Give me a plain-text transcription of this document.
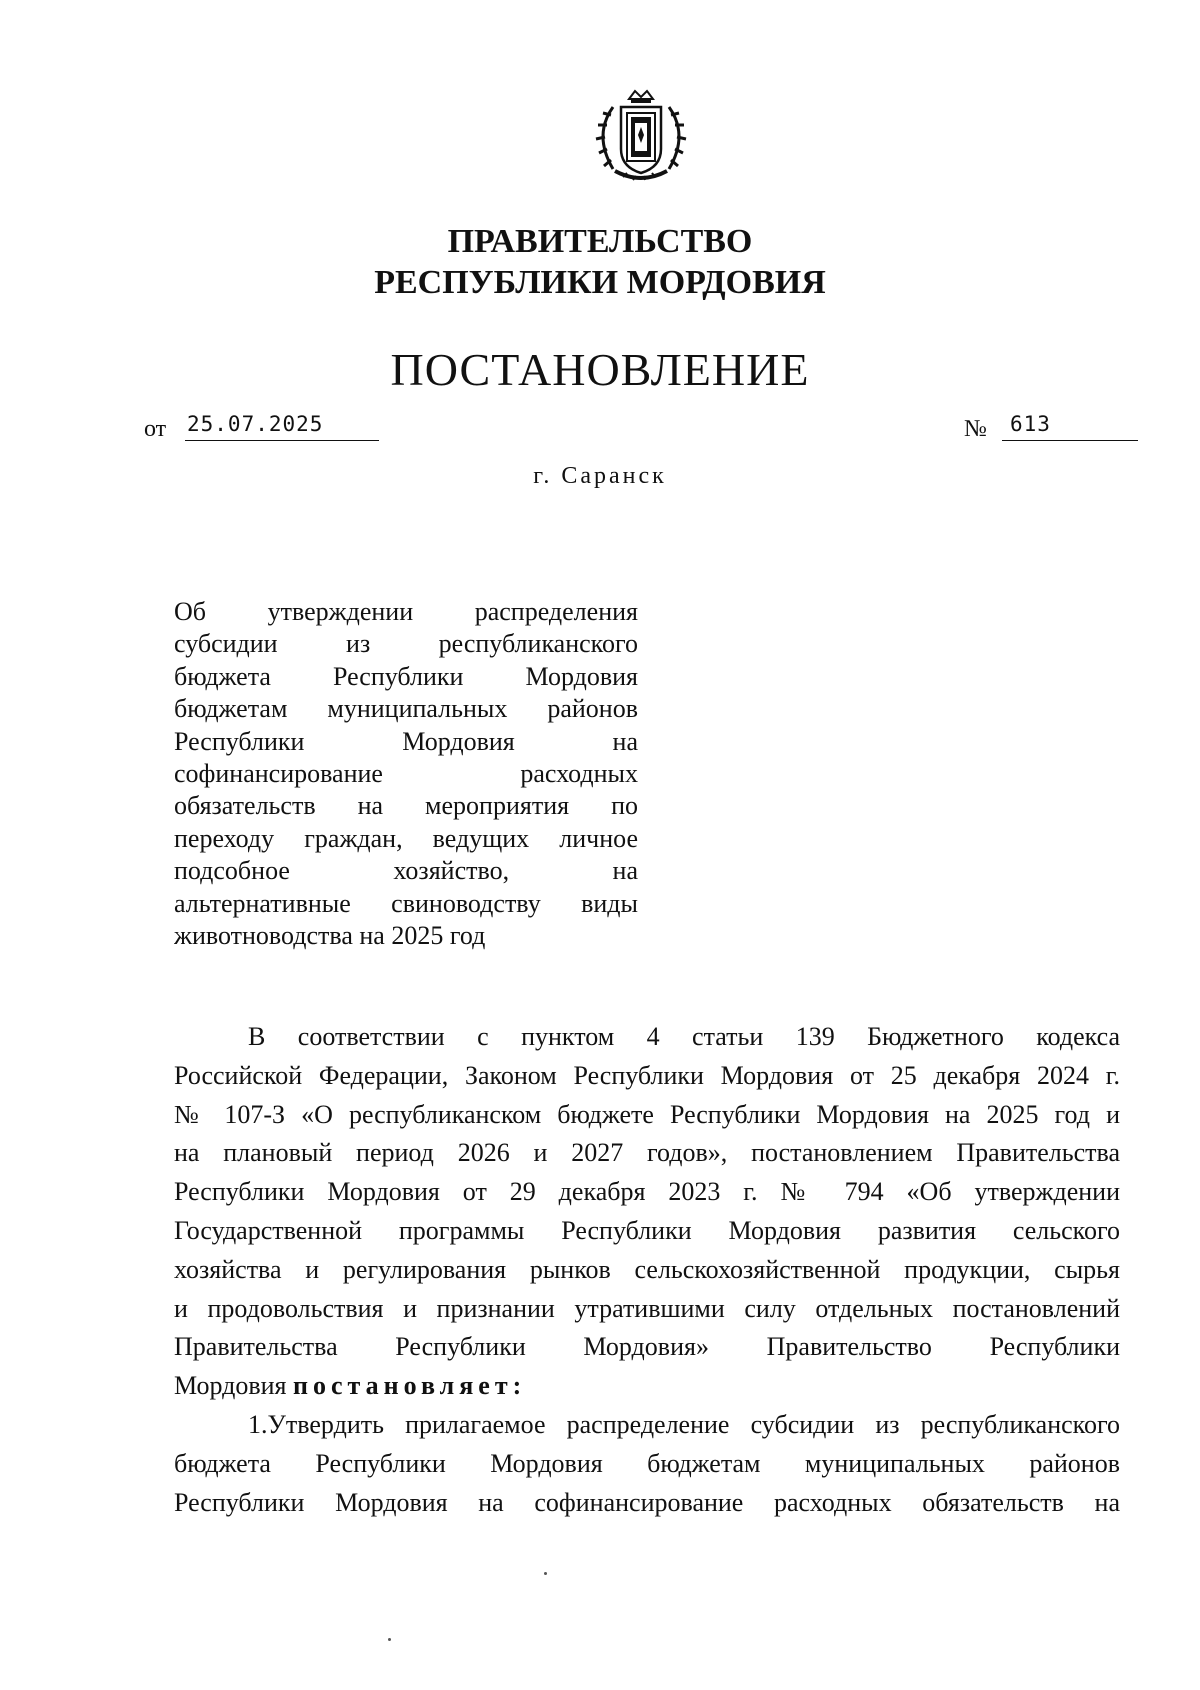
ПРАВИТЕЛЬСТВО
РЕСПУБЛИКИ МОРДОВИЯ
ПОСТАНОВЛЕНИЕ
от 25.07.2025	№	613
г. Саранск
Об утверждении распределения
субсидии из республиканского
бюджета Республики Мордовия
бюджетам муниципальных районов
Республики Мордовия на
софинансирование расходных
обязательств на мероприятия по
переходу граждан, ведущих личное
подсобное хозяйство, на
альтернативные свиноводству виды
животноводства на 2025 год
В соответствии с пунктом 4 статьи 139 Бюджетного кодекса
Российской Федерации, Законом Республики Мордовия от 25 декабря 2024 г.
№ 107-З «О республиканском бюджете Республики Мордовия на 2025 год и
на плановый период 2026 и 2027 годов», постановлением Правительства
Республики Мордовия от 29 декабря 2023 г. № 794 «Об утверждении
Государственной программы Республики Мордовия развития сельского
хозяйства и регулирования рынков сельскохозяйственной продукции, сырья
и продовольствия и признании утратившими силу отдельных постановлений
Правительства Республики Мордовия» Правительство Республики
Мордовия постановляет:
1.Утвердить прилагаемое распределение субсидии из республиканского
бюджета Республики Мордовия бюджетам муниципальных районов
Республики Мордовия на софинансирование расходных обязательств на
